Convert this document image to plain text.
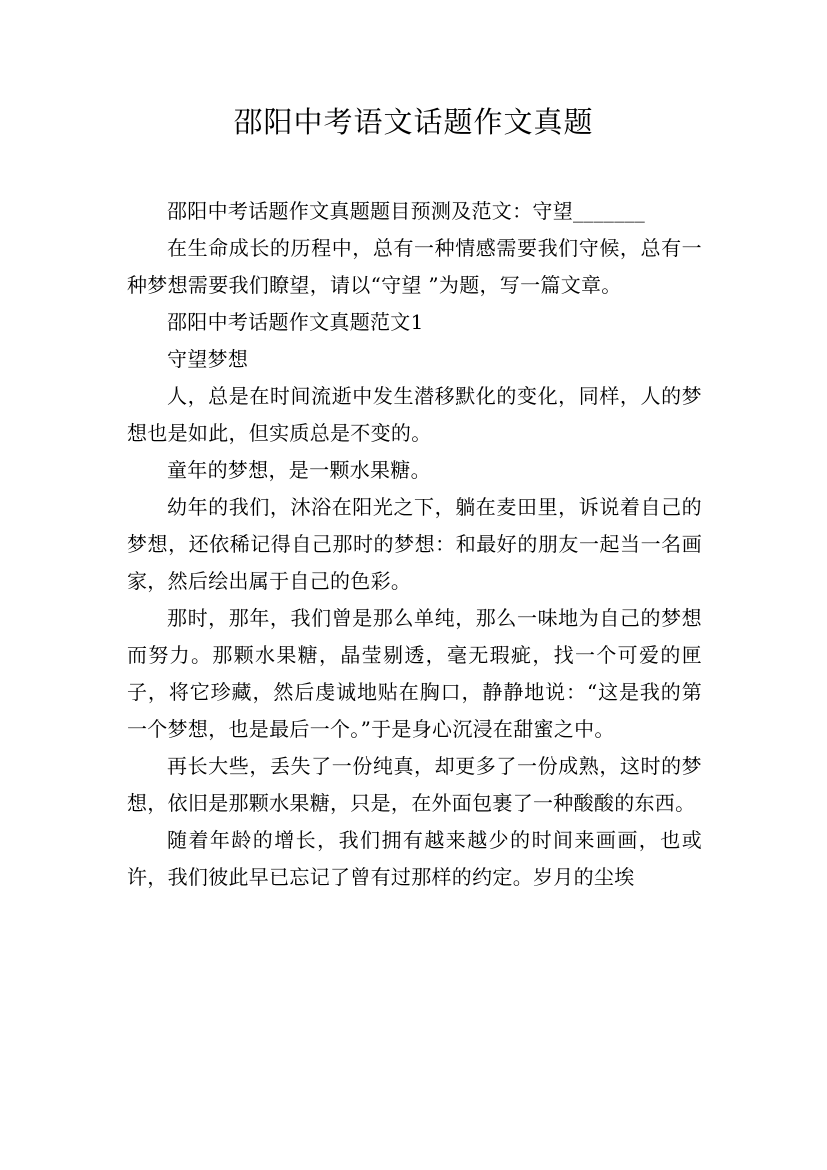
邵阳中考语文话题作文真题

邵阳中考话题作文真题题目预测及范文：守望_______

在生命成长的历程中，总有一种情感需要我们守候，总有一种梦想需要我们瞭望，请以“守望 ”为题，写一篇文章。

邵阳中考话题作文真题范文1

守望梦想

人，总是在时间流逝中发生潜移默化的变化，同样，人的梦想也是如此，但实质总是不变的。

童年的梦想，是一颗水果糖。

幼年的我们，沐浴在阳光之下，躺在麦田里，诉说着自己的梦想，还依稀记得自己那时的梦想：和最好的朋友一起当一名画家，然后绘出属于自己的色彩。

那时，那年，我们曾是那么单纯，那么一味地为自己的梦想而努力。那颗水果糖，晶莹剔透，毫无瑕疵，找一个可爱的匣子，将它珍藏，然后虔诚地贴在胸口，静静地说：“这是我的第一个梦想，也是最后一个。”于是身心沉浸在甜蜜之中。

再长大些，丢失了一份纯真，却更多了一份成熟，这时的梦想，依旧是那颗水果糖，只是，在外面包裹了一种酸酸的东西。

随着年龄的增长，我们拥有越来越少的时间来画画，也或许，我们彼此早已忘记了曾有过那样的约定。岁月的尘埃
